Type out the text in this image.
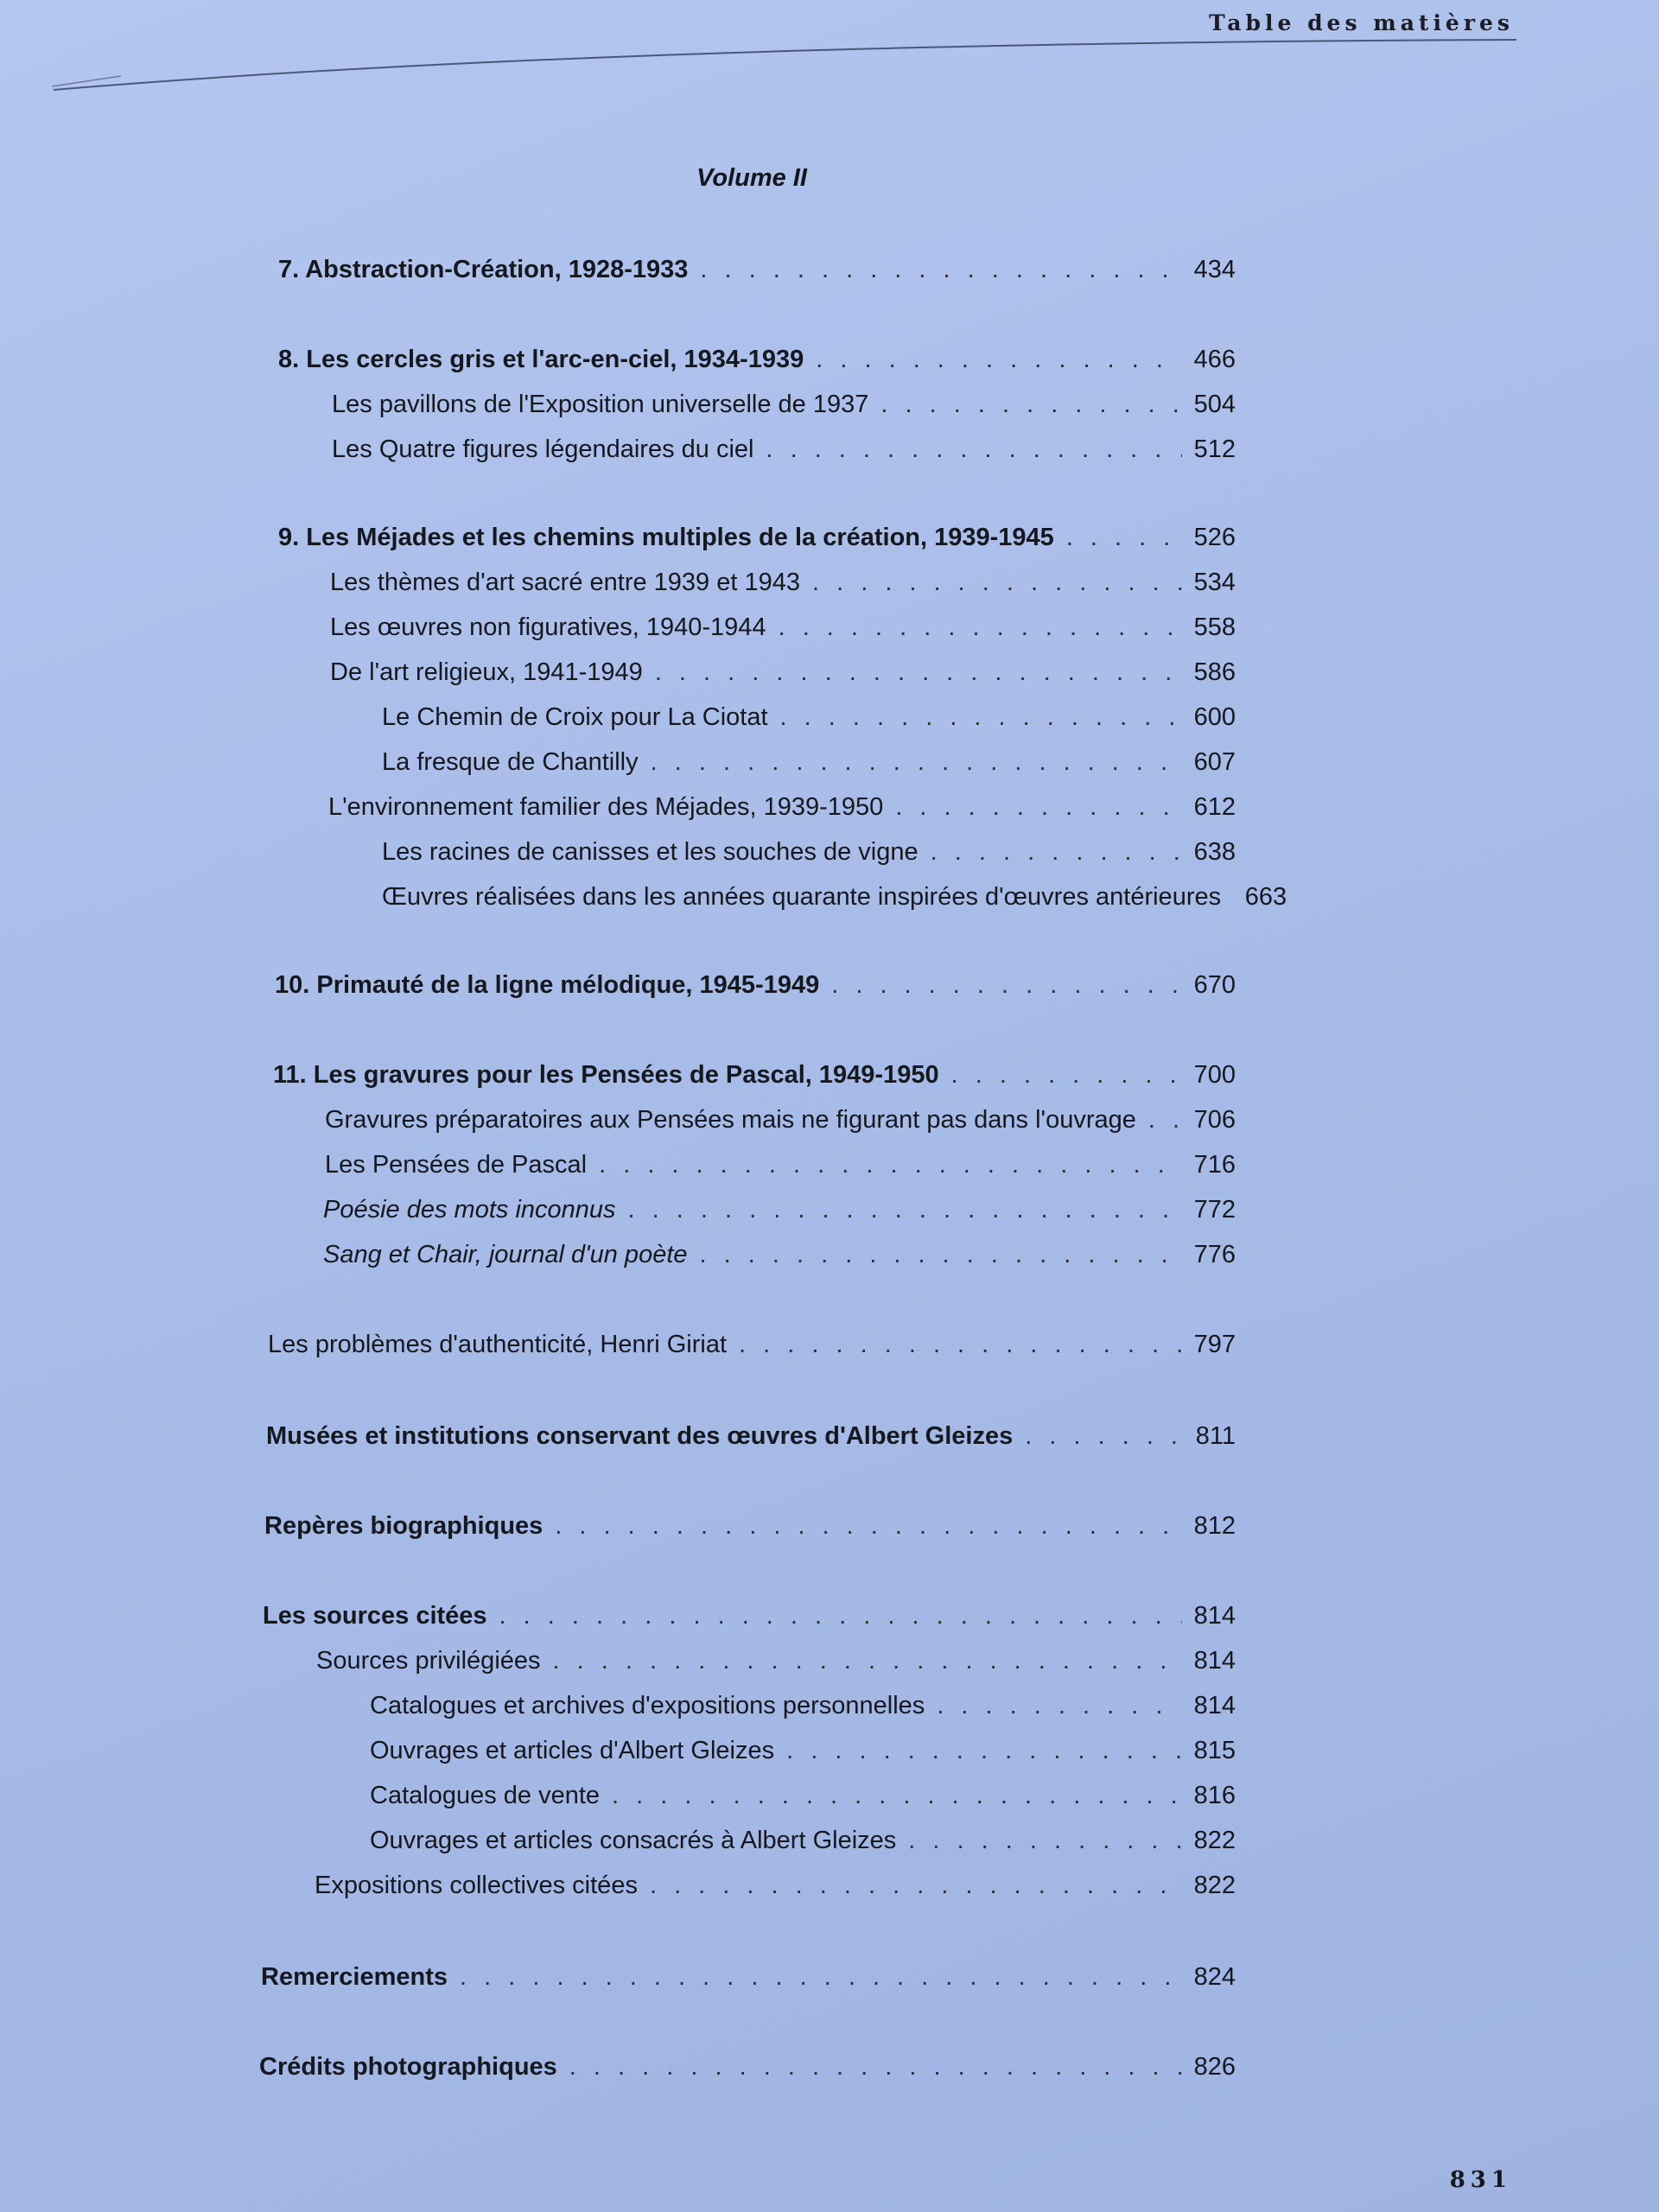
Table des matières
Volume II
7. Abstraction-Création, 1928-1933 . . .	434
8. Les cercles gris et l'arc-en-ciel, 1934-1939 . . .	466
Les pavillons de l'Exposition universelle de 1937 . . .	504
Les Quatre figures légendaires du ciel . . .	512
9. Les Méjades et les chemins multiples de la création, 1939-1945 . . .	526
Les thèmes d'art sacré entre 1939 et 1943 . . .	534
Les œuvres non figuratives, 1940-1944 . . .	558
De l'art religieux, 1941-1949 . . .	586
Le Chemin de Croix pour La Ciotat . . .	600
La fresque de Chantilly . . .	607
L'environnement familier des Méjades, 1939-1950 . . .	612
Les racines de canisses et les souches de vigne . . .	638
Œuvres réalisées dans les années quarante inspirées d'œuvres antérieures 663
10. Primauté de la ligne mélodique, 1945-1949 . . .	670
11. Les gravures pour les Pensées de Pascal, 1949-1950 . . .	700
Gravures préparatoires aux Pensées mais ne figurant pas dans l'ouvrage . . . 706
Les Pensées de Pascal . . .	716
Poésie des mots inconnus . . .	772
Sang et Chair, journal d'un poète . . .	776
Les problèmes d'authenticité, Henri Giriat . . .	797
Musées et institutions conservant des œuvres d'Albert Gleizes . . .	811
Repères biographiques . . .	812
Les sources citées . . .	814
Sources privilégiées . . .	814
Catalogues et archives d'expositions personnelles . . .	814
Ouvrages et articles d'Albert Gleizes . . .	815
Catalogues de vente . . .	816
Ouvrages et articles consacrés à Albert Gleizes . . .	822
Expositions collectives citées . . .	822
Remerciements . . .	824
Crédits photographiques . . .	826
831
